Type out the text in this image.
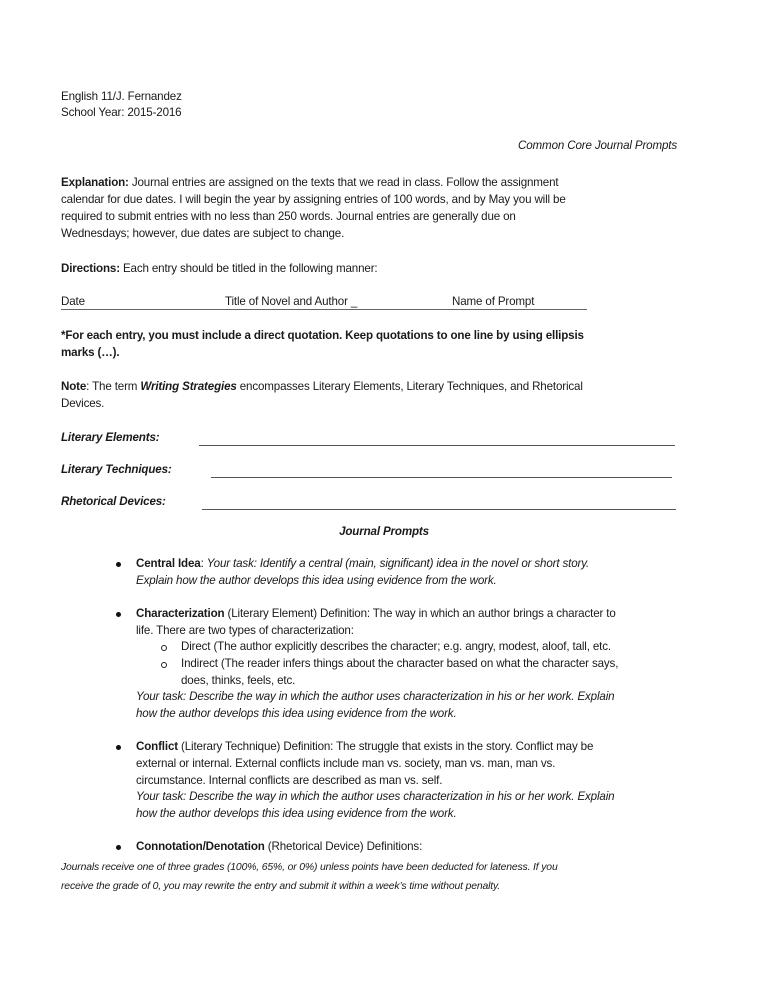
English 11/J. Fernandez
School Year: 2015-2016
Common Core Journal Prompts
Explanation: Journal entries are assigned on the texts that we read in class. Follow the assignment
calendar for due dates. I will begin the year by assigning entries of 100 words, and by May you will be
required to submit entries with no less than 250 words. Journal entries are generally due on
Wednesdays; however, due dates are subject to change.
Directions: Each entry should be titled in the following manner:
Date	Title of Novel and Author _	Name of Prompt
*For each entry, you must include a direct quotation. Keep quotations to one line by using ellipsis
marks (…).
Note: The term Writing Strategies encompasses Literary Elements, Literary Techniques, and Rhetorical
Devices.
Literary Elements:
Literary Techniques:
Rhetorical Devices:
Journal Prompts
Central Idea: Your task: Identify a central (main, significant) idea in the novel or short story.
Explain how the author develops this idea using evidence from the work.
Characterization (Literary Element) Definition: The way in which an author brings a character to
life. There are two types of characterization:
Direct (The author explicitly describes the character; e.g. angry, modest, aloof, tall, etc.
Indirect (The reader infers things about the character based on what the character says,
does, thinks, feels, etc.
Your task: Describe the way in which the author uses characterization in his or her work. Explain
how the author develops this idea using evidence from the work.
Conflict (Literary Technique) Definition: The struggle that exists in the story. Conflict may be
external or internal. External conflicts include man vs. society, man vs. man, man vs.
circumstance. Internal conflicts are described as man vs. self.
Your task: Describe the way in which the author uses characterization in his or her work. Explain
how the author develops this idea using evidence from the work.
Connotation/Denotation (Rhetorical Device) Definitions:
Journals receive one of three grades (100%, 65%, or 0%) unless points have been deducted for lateness. If you
receive the grade of 0, you may rewrite the entry and submit it within a week’s time without penalty.
